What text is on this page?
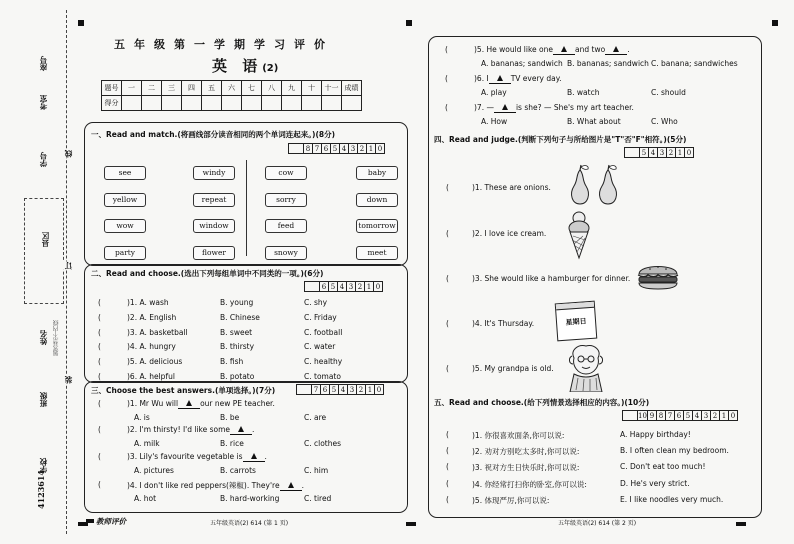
座号
考室
学号
县区
姓名
班级
学校
4123614
线
订
装
题答禁不内线
五年级第一学期学习评价
英 语(2)
题号	一	二	三	四	五	六	七	八	九	十	十一	成绩
得分												
一、Read and match.(将画线部分读音相同的两个单词连起来。)(8分)
	8	7	6	5	4	3	2	1	0
see	windy	cow	baby
yellow	repeat	sorry	down
wow	window	feed	tomorrow
party	flower	snowy	meet
二、Read and choose.(选出下列每组单词中不同类的一项。)(6分)
	6	5	4	3	2	1	0
(	)1. A. wash	B. young	C. shy
(	)2. A. English	B. Chinese	C. Friday
(	)3. A. basketball	B. sweet	C. football
(	)4. A. hungry	B. thirsty	C. water
(	)5. A. delicious	B. fish	C. healthy
(	)6. A. helpful	B. potato	C. tomato
三、Choose the best answers.(单项选择。)(7分)
		7	6	5	4	3	2	1	0
(	)1. Mr Wu will	our new PE teacher.
A. is	B. be	C. are
(	)2. I'm thirsty! I'd like some	.
A. milk	B. rice	C. clothes
(	)3. Lily's favourite vegetable is	.
A. pictures	B. carrots	C. him
(	)4. I don't like red peppers(辣椒). They're	.
A. hot	B. hard-working	C. tired
(	)5. He would like one	and two	.
A. bananas; sandwich B. bananas; sandwich C. banana; sandwiches
(	)6. I	TV every day.
A. play	B. watch	C. should
(	)7. —	is she? — She's my art teacher.
A. How	B. What about	C. Who
四、Read and judge.(判断下列句子与所给图片是"T"否"F"相符。)(5分)
	5	4	3	2	1	0
(	)1. These are onions.
(	)2. I love ice cream.
(	)3. She would like a hamburger for dinner.
(	)4. It's Thursday.
(	)5. My grandpa is old.
星期日
五、Read and choose.(给下列情景选择相应的内容。)(10分)
	10	9	8	7	6	5	4	3	2	1	0
(	)1. 你很喜欢面条,你可以说:	A. Happy birthday!
(	)2. 劝对方别吃太多时,你可以说:	B. I often clean my bedroom.
(	)3. 祝对方生日快乐时,你可以说:	C. Don't eat too much!
(	)4. 你经常打扫你的卧室,你可以说:	D. He's very strict.
(	)5. 体现严厉,你可以说:	E. I like noodles very much.
教师评价	五年级英语(2) 614 (第 1 页)	五年级英语(2) 614 (第 2 页)
